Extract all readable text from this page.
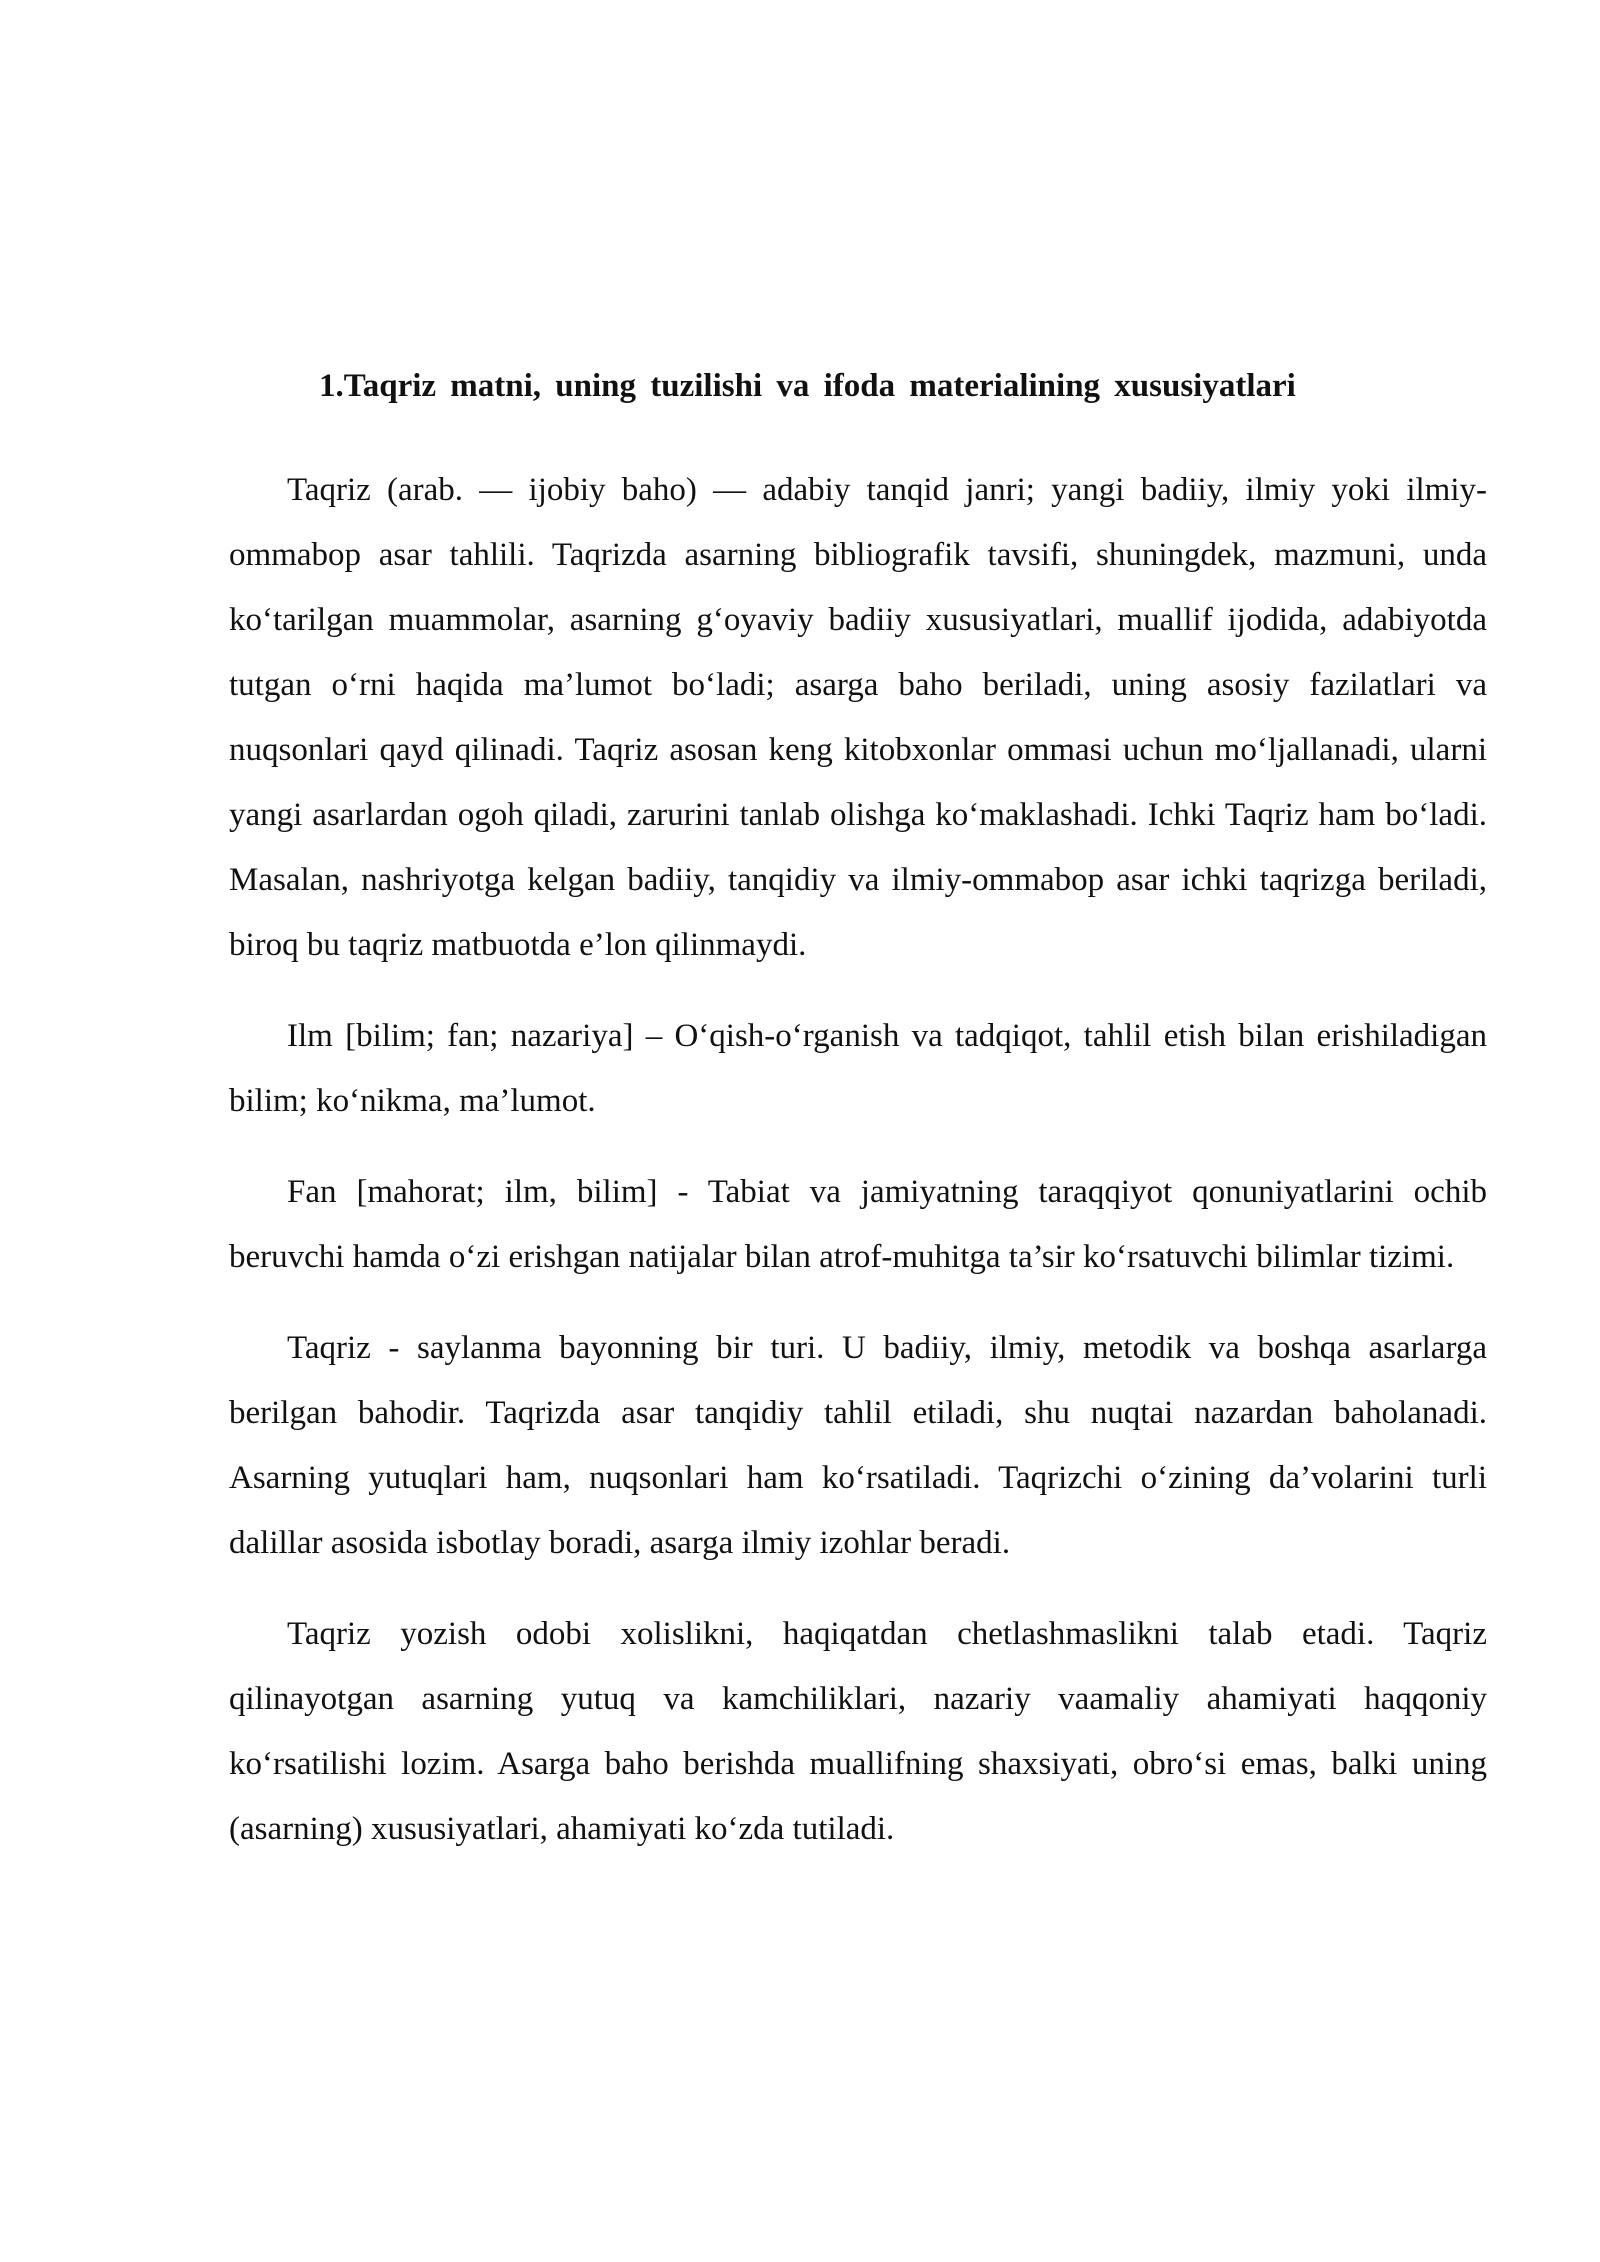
1.Taqriz matni, uning tuzilishi va ifoda materialining xususiyatlari

Taqriz (arab. — ijobiy baho) — adabiy tanqid janri; yangi badiiy, ilmiy yoki ilmiy-ommabop asar tahlili. Taqrizda asarning bibliografik tavsifi, shuningdek, mazmuni, unda ko‘tarilgan muammolar, asarning g‘oyaviy badiiy xususiyatlari, muallif ijodida, adabiyotda tutgan o‘rni haqida ma’lumot bo‘ladi; asarga baho beriladi, uning asosiy fazilatlari va nuqsonlari qayd qilinadi. Taqriz asosan keng kitobxonlar ommasi uchun mo‘ljallanadi, ularni yangi asarlardan ogoh qiladi, zarurini tanlab olishga ko‘maklashadi. Ichki Taqriz ham bo‘ladi. Masalan, nashriyotga kelgan badiiy, tanqidiy va ilmiy-ommabop asar ichki taqrizga beriladi, biroq bu taqriz matbuotda e’lon qilinmaydi.

Ilm [bilim; fan; nazariya] – O‘qish-o‘rganish va tadqiqot, tahlil etish bilan erishiladigan bilim; ko‘nikma, ma’lumot.

Fan [mahorat; ilm, bilim] - Tabiat va jamiyatning taraqqiyot qonuniyatlarini ochib beruvchi hamda o‘zi erishgan natijalar bilan atrof-muhitga ta’sir ko‘rsatuvchi bilimlar tizimi.

Taqriz - saylanma bayonning bir turi. U badiiy, ilmiy, metodik va boshqa asarlarga berilgan bahodir. Taqrizda asar tanqidiy tahlil etiladi, shu nuqtai nazardan baholanadi. Asarning yutuqlari ham, nuqsonlari ham ko‘rsatiladi. Taqrizchi o‘zining da’volarini turli dalillar asosida isbotlay boradi, asarga ilmiy izohlar beradi.

Taqriz yozish odobi xolislikni, haqiqatdan chetlashmaslikni talab etadi. Taqriz qilinayotgan asarning yutuq va kamchiliklari, nazariy vaamaliy ahamiyati haqqoniy ko‘rsatilishi lozim. Asarga baho berishda muallifning shaxsiyati, obro‘si emas, balki uning (asarning) xususiyatlari, ahamiyati ko‘zda tutiladi.
